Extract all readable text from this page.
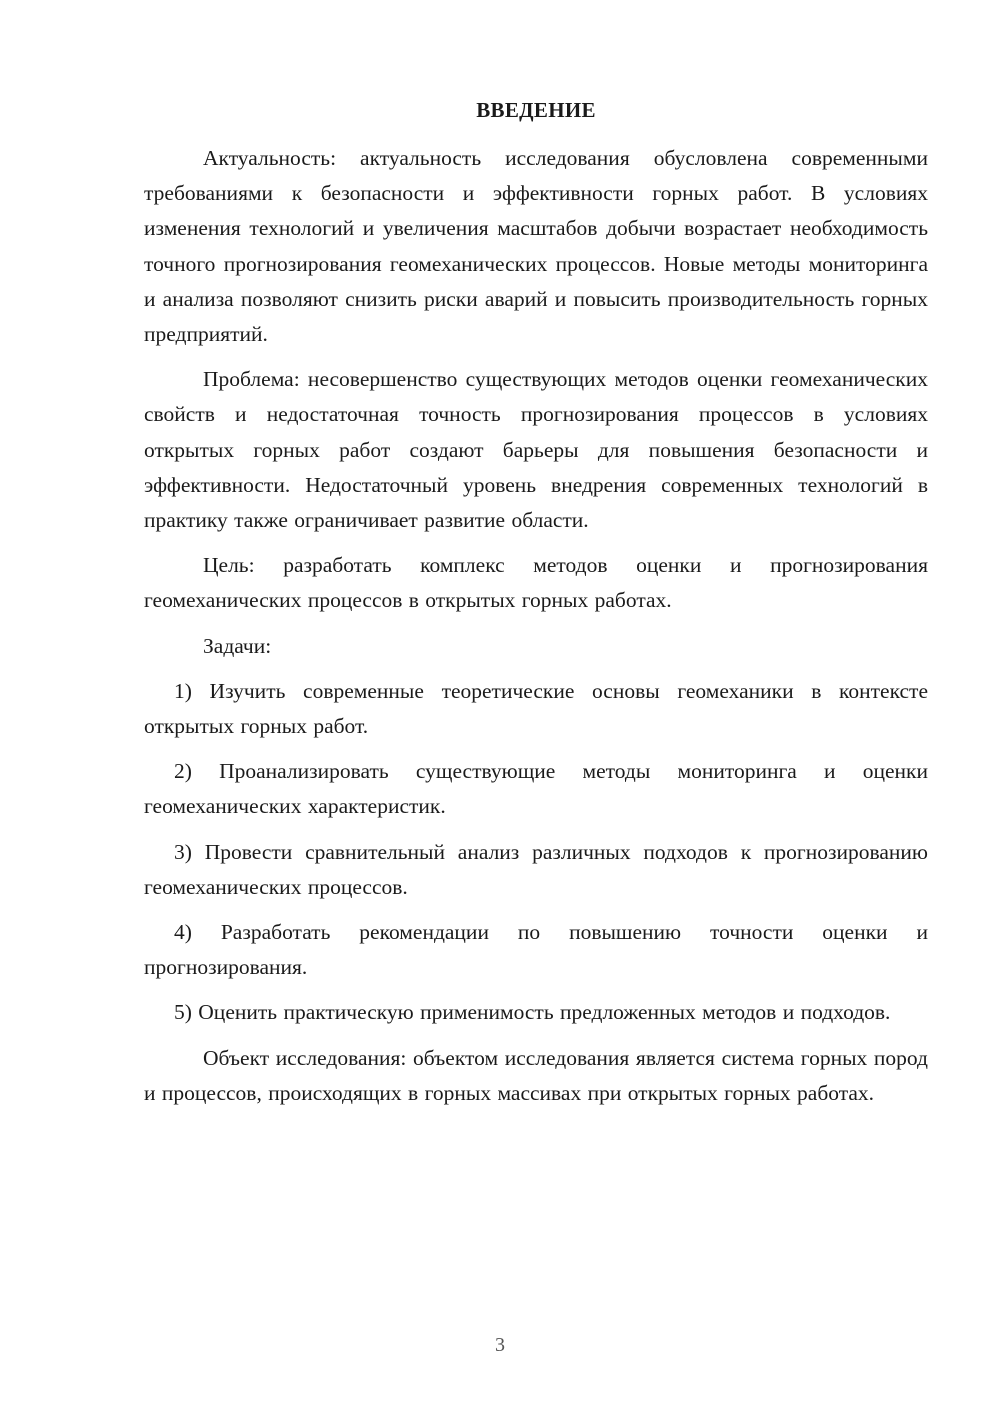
ВВЕДЕНИЕ

Актуальность: актуальность исследования обусловлена современными требованиями к безопасности и эффективности горных работ. В условиях изменения технологий и увеличения масштабов добычи возрастает необходимость точного прогнозирования геомеханических процессов. Новые методы мониторинга и анализа позволяют снизить риски аварий и повысить производительность горных предприятий.

Проблема: несовершенство существующих методов оценки геомеханических свойств и недостаточная точность прогнозирования процессов в условиях открытых горных работ создают барьеры для повышения безопасности и эффективности. Недостаточный уровень внедрения современных технологий в практику также ограничивает развитие области.

Цель: разработать комплекс методов оценки и прогнозирования геомеханических процессов в открытых горных работах.

Задачи:

1) Изучить современные теоретические основы геомеханики в контексте открытых горных работ.

2) Проанализировать существующие методы мониторинга и оценки геомеханических характеристик.

3) Провести сравнительный анализ различных подходов к прогнозированию геомеханических процессов.

4) Разработать рекомендации по повышению точности оценки и прогнозирования.

5) Оценить практическую применимость предложенных методов и подходов.

Объект исследования: объектом исследования является система горных пород и процессов, происходящих в горных массивах при открытых горных работах.

3
